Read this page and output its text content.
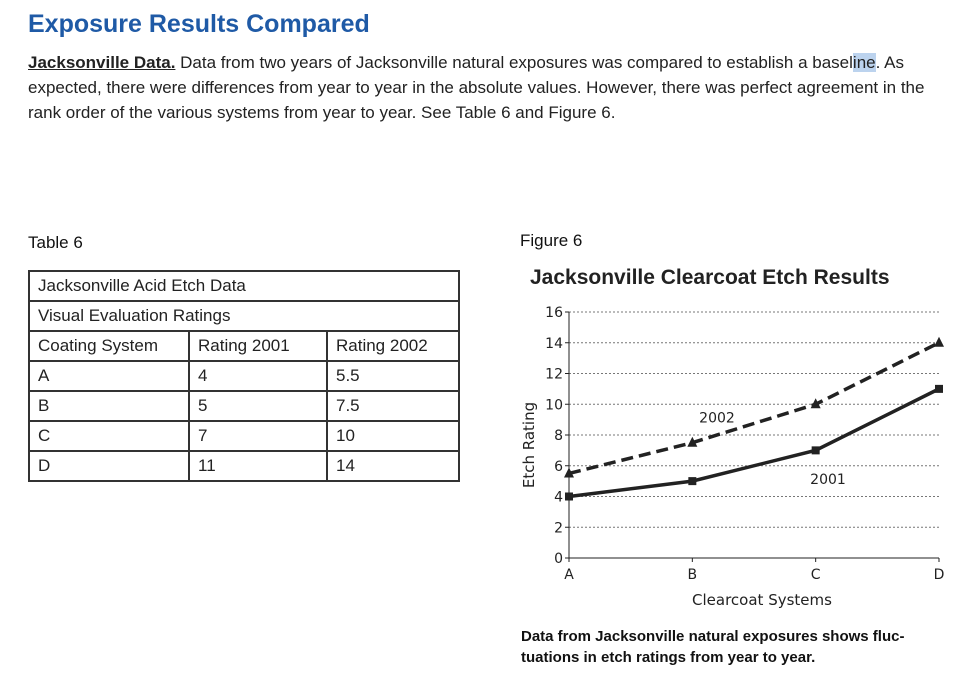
Exposure Results Compared

Jacksonville Data. Data from two years of Jacksonville natural exposures was compared to establish a baseline. As expected, there were differences from year to year in the absolute values. However, there was perfect agreement in the rank order of the various systems from year to year. See Table 6 and Figure 6.

Table 6
Jacksonville Acid Etch Data		
Visual Evaluation Ratings		
Coating System	Rating 2001	Rating 2002
A	4	5.5
B	5	7.5
C	7	10
D	11	14
Figure 6
Jacksonville Clearcoat Etch Results
0
2
4
6
8
10
12
14
16
A	B	C	D
Clearcoat Systems
Etch Rating	2002
2001

Data from Jacksonville natural exposures shows fluc-tuations in etch ratings from year to year.
